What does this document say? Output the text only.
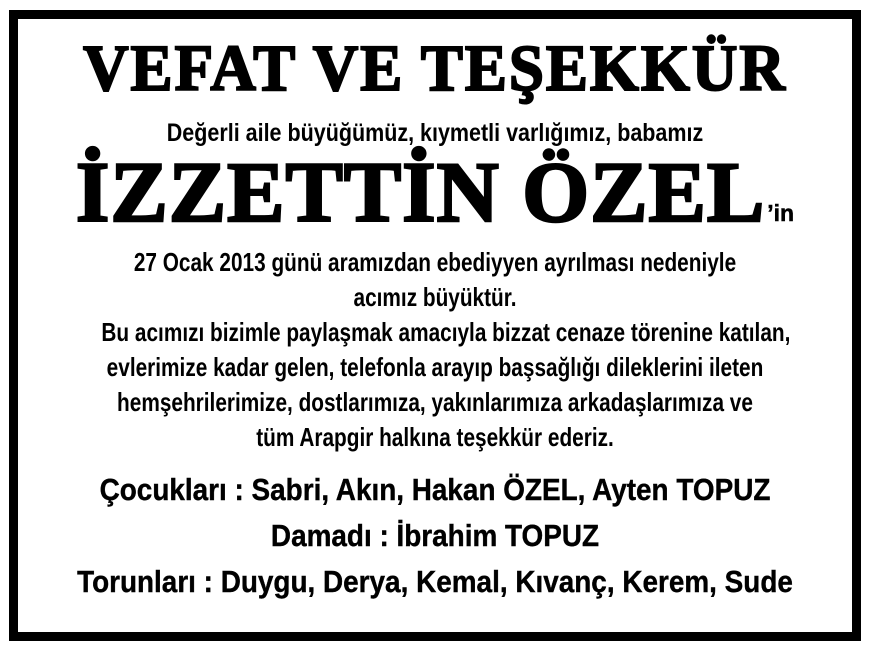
VEFAT VE TEŞEKKÜR
Değerli aile büyüğümüz, kıymetli varlığımız, babamız
İZZETTİN ÖZEL’in
27 Ocak 2013 günü aramızdan ebediyyen ayrılması nedeniyle
acımız büyüktür.
Bu acımızı bizimle paylaşmak amacıyla bizzat cenaze törenine katılan,
evlerimize kadar gelen, telefonla arayıp başsağlığı dileklerini ileten
hemşehrilerimize, dostlarımıza, yakınlarımıza arkadaşlarımıza ve
tüm Arapgir halkına teşekkür ederiz.
Çocukları : Sabri, Akın, Hakan ÖZEL, Ayten TOPUZ
Damadı : İbrahim TOPUZ
Torunları : Duygu, Derya, Kemal, Kıvanç, Kerem, Sude
